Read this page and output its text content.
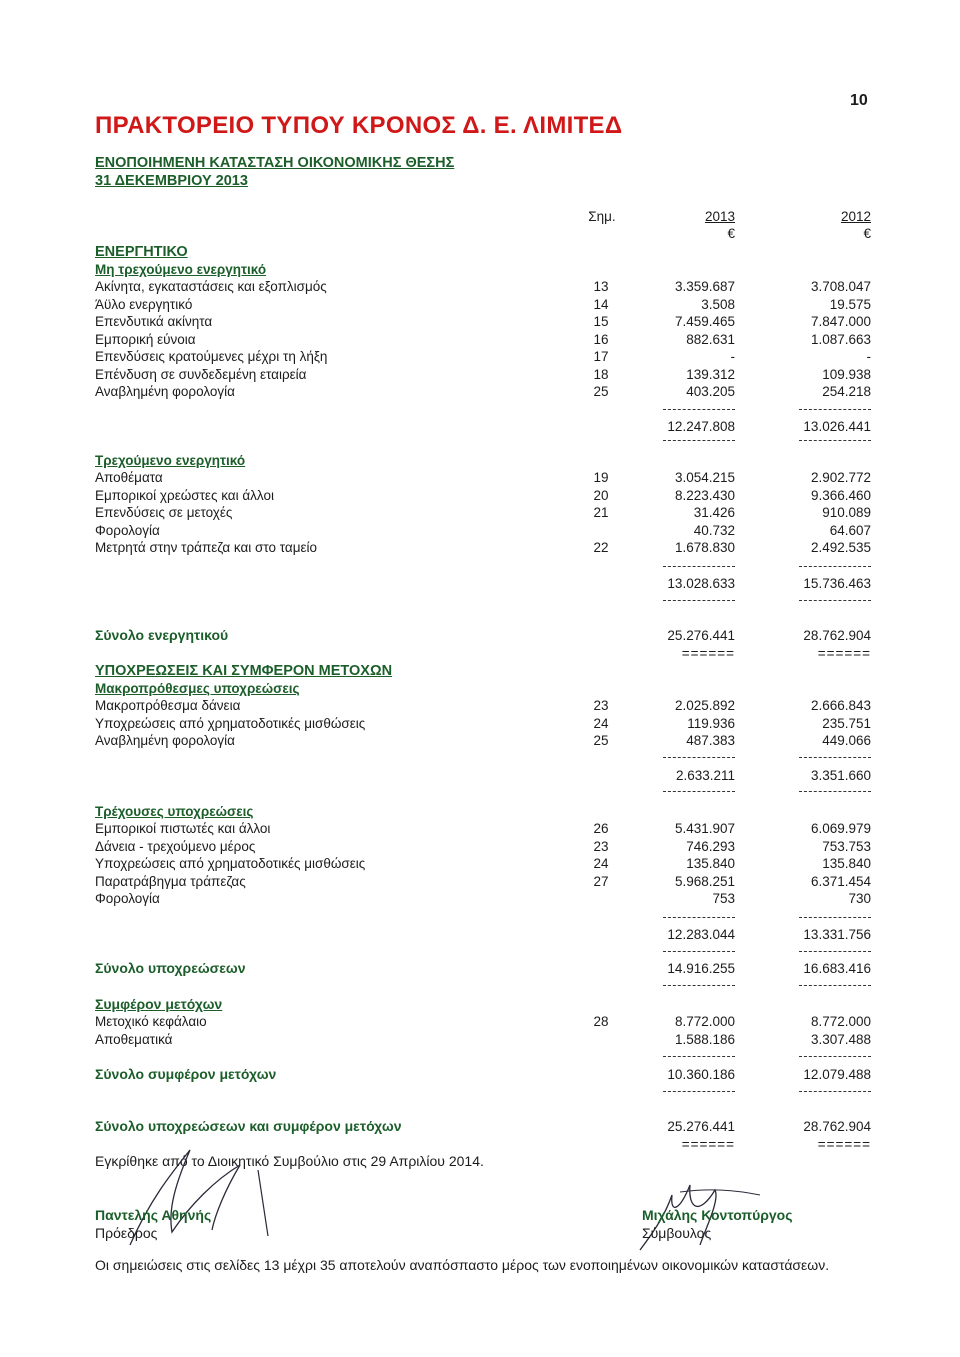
10
ΠΡΑΚΤΟΡΕΙΟ ΤΥΠΟΥ ΚΡΟΝΟΣ Δ. Ε. ΛΙΜΙΤΕΔ
ΕΝΟΠΟΙΗΜΕΝΗ ΚΑΤΑΣΤΑΣΗ ΟΙΚΟΝΟΜΙΚΗΣ ΘΕΣΗΣ
31 ΔΕΚΕΜΒΡΙΟΥ 2013
Σημ.	2013	2012
€	€
ΕΝΕΡΓΗΤΙΚΟ
Μη τρεχούμενο ενεργητικό
Ακίνητα, εγκαταστάσεις και εξοπλισμός	13	3.359.687	3.708.047
Άϋλο ενεργητικό	14	3.508	19.575
Επενδυτικά ακίνητα	15	7.459.465	7.847.000
Εμπορική εύνοια	16	882.631	1.087.663
Επενδύσεις κρατούμενες μέχρι τη λήξη	17	-	-
Επένδυση σε συνδεδεμένη εταιρεία	18	139.312	109.938
Αναβλημένη φορολογία	25	403.205	254.218
12.247.808	13.026.441
Τρεχούμενο ενεργητικό
Αποθέματα	19	3.054.215	2.902.772
Εμπορικοί χρεώστες και άλλοι	20	8.223.430	9.366.460
Επενδύσεις σε μετοχές	21	31.426	910.089
Φορολογία	40.732	64.607
Μετρητά στην τράπεζα και στο ταμείο	22	1.678.830	2.492.535
13.028.633	15.736.463
Σύνολο ενεργητικού	25.276.441	28.762.904
======	======
ΥΠΟΧΡΕΩΣΕΙΣ ΚΑΙ ΣΥΜΦΕΡΟΝ ΜΕΤΟΧΩΝ
Μακροπρόθεσμες υποχρεώσεις
Μακροπρόθεσμα δάνεια	23	2.025.892	2.666.843
Υποχρεώσεις από χρηματοδοτικές μισθώσεις	24	119.936	235.751
Αναβλημένη φορολογία	25	487.383	449.066
2.633.211	3.351.660
Τρέχουσες υποχρεώσεις
Εμπορικοί πιστωτές και άλλοι	26	5.431.907	6.069.979
Δάνεια - τρεχούμενο μέρος	23	746.293	753.753
Υποχρεώσεις από χρηματοδοτικές μισθώσεις	24	135.840	135.840
Παρατράβηγμα τράπεζας	27	5.968.251	6.371.454
Φορολογία	753	730
12.283.044	13.331.756
Σύνολο υποχρεώσεων	14.916.255	16.683.416
Συμφέρον μετόχων
Μετοχικό κεφάλαιο	28	8.772.000	8.772.000
Αποθεματικά	1.588.186	3.307.488
Σύνολο συμφέρον μετόχων	10.360.186	12.079.488
Σύνολο υποχρεώσεων και συμφέρον μετόχων	25.276.441	28.762.904
======	======
Εγκρίθηκε από το Διοικητικό Συμβούλιο στις 29 Απριλίου 2014.
Παντελής Αθηνής
Πρόεδρος
Μιχάλης Κοντοπύργος
Σύμβουλος
Οι σημειώσεις στις σελίδες 13 μέχρι 35 αποτελούν αναπόσπαστο μέρος των ενοποιημένων οικονομικών καταστάσεων.
